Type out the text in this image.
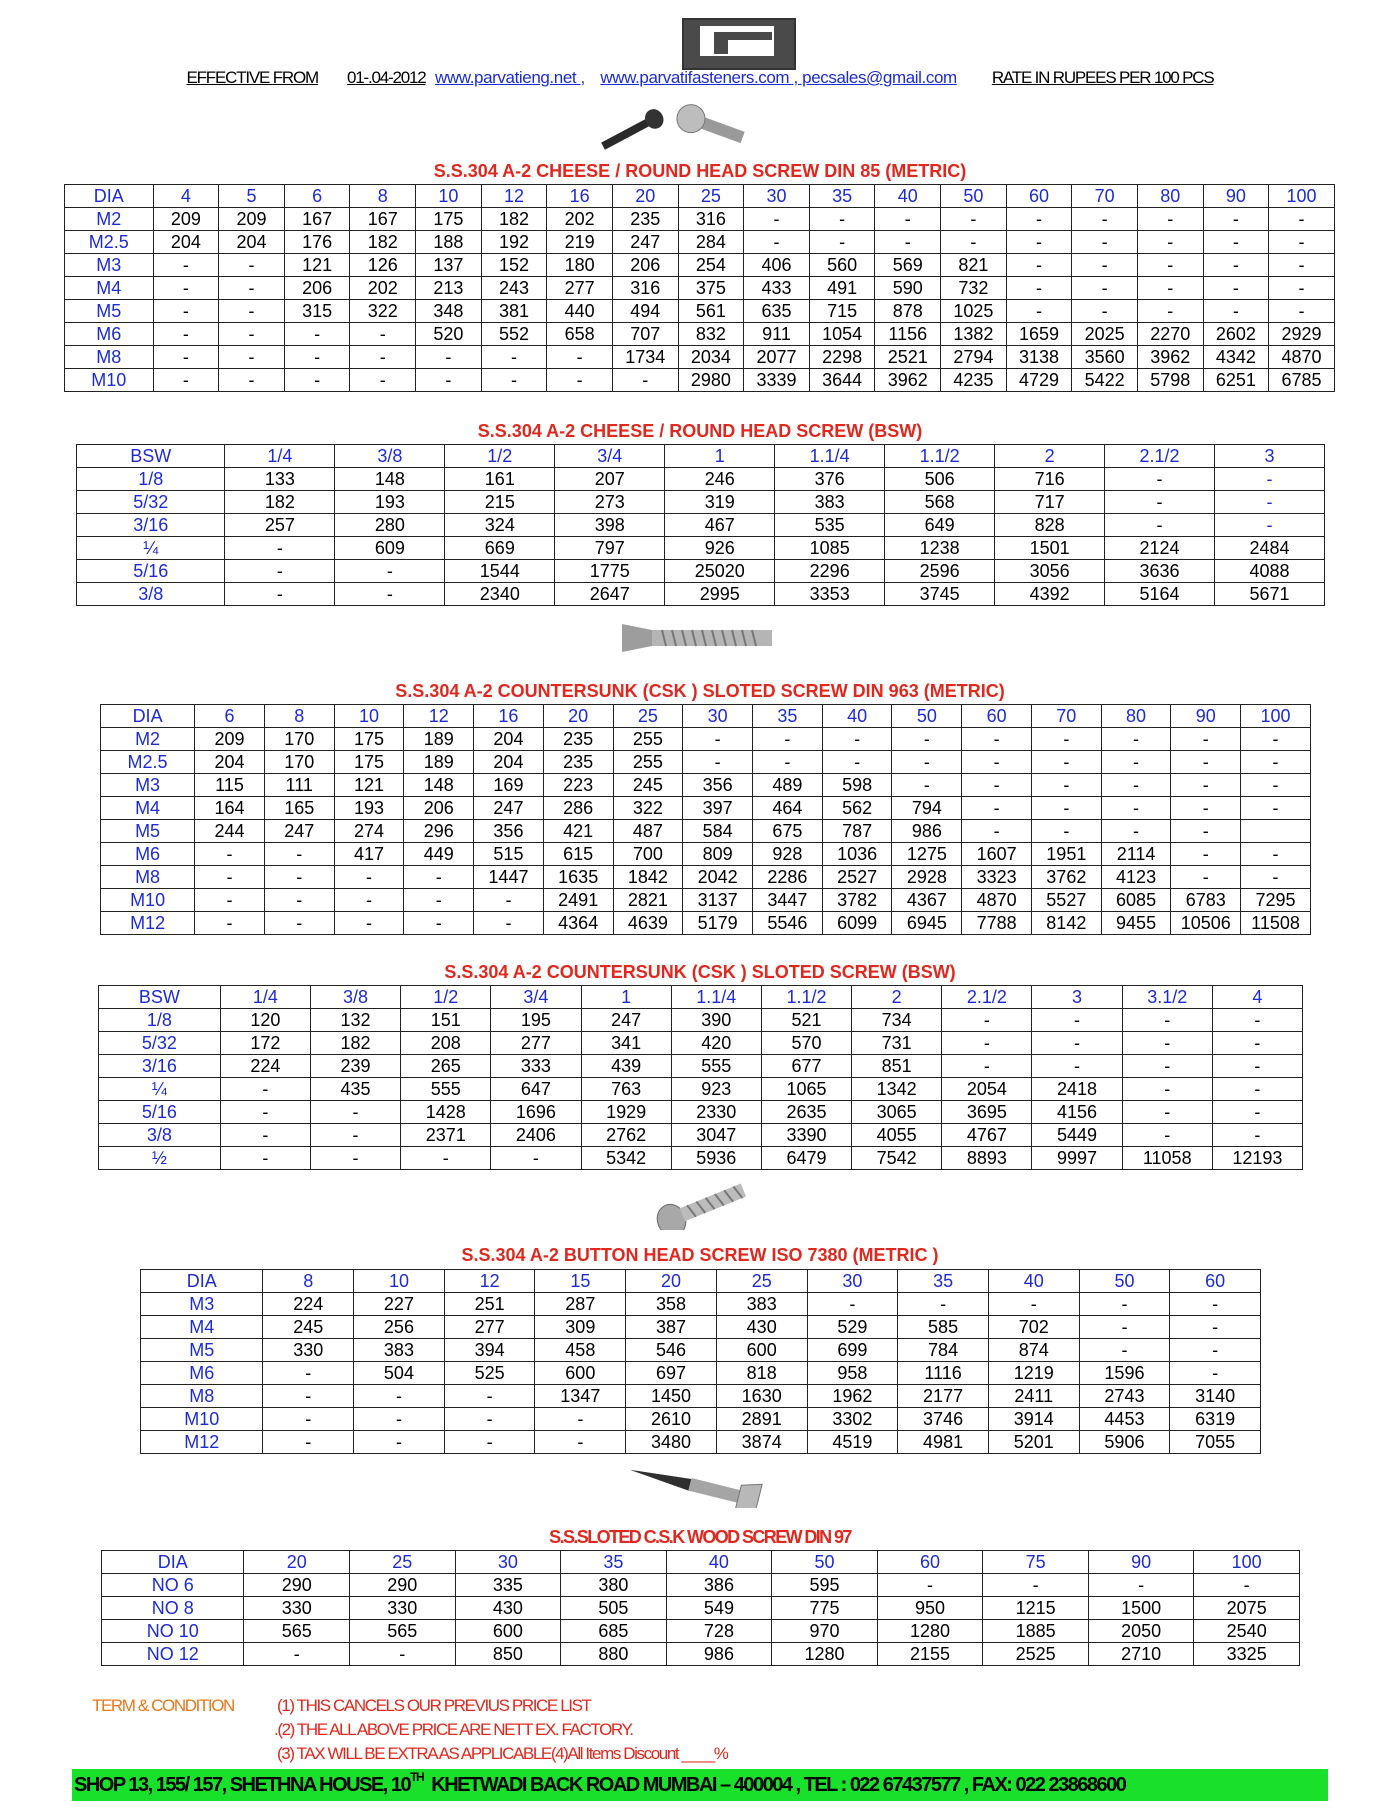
EFFECTIVE FROM 01-.04-2012 www.parvatieng.net , www.parvatifasteners.com , pecsales@gmail.com RATE IN RUPEES PER 100 PCS
S.S.304 A-2 CHEESE / ROUND HEAD SCREW DIN 85 (METRIC)
S.S.304 A-2 CHEESE / ROUND HEAD SCREW (BSW)
S.S.304 A-2 COUNTERSUNK (CSK ) SLOTED SCREW DIN 963 (METRIC)
S.S.304 A-2 COUNTERSUNK (CSK ) SLOTED SCREW (BSW)
S.S.304 A-2 BUTTON HEAD SCREW ISO 7380 (METRIC )
S.S.SLOTED C.S.K WOOD SCREW DIN 97
DIA	4	5	6	8	10	12	16	20	25	30	35	40	50	60	70	80	90	100
M2	209	209	167	167	175	182	202	235	316	-	-	-	-	-	-	-	-	-
M2.5	204	204	176	182	188	192	219	247	284	-	-	-	-	-	-	-	-	-
M3	-	-	121	126	137	152	180	206	254	406	560	569	821	-	-	-	-	-
M4	-	-	206	202	213	243	277	316	375	433	491	590	732	-	-	-	-	-
M5	-	-	315	322	348	381	440	494	561	635	715	878	1025	-	-	-	-	-
M6	-	-	-	-	520	552	658	707	832	911	1054	1156	1382	1659	2025	2270	2602	2929
M8	-	-	-	-	-	-	-	1734	2034	2077	2298	2521	2794	3138	3560	3962	4342	4870
M10	-	-	-	-	-	-	-	-	2980	3339	3644	3962	4235	4729	5422	5798	6251	6785
BSW	1/4	3/8	1/2	3/4	1	1.1/4	1.1/2	2	2.1/2	3
1/8	133	148	161	207	246	376	506	716	-	-
5/32	182	193	215	273	319	383	568	717	-	-
3/16	257	280	324	398	467	535	649	828	-	-
¼	-	609	669	797	926	1085	1238	1501	2124	2484
5/16	-	-	1544	1775	25020	2296	2596	3056	3636	4088
3/8	-	-	2340	2647	2995	3353	3745	4392	5164	5671
DIA	6	8	10	12	16	20	25	30	35	40	50	60	70	80	90	100
M2	209	170	175	189	204	235	255	-	-	-	-	-	-	-	-	-
M2.5	204	170	175	189	204	235	255	-	-	-	-	-	-	-	-	-
M3	115	111	121	148	169	223	245	356	489	598	-	-	-	-	-	-
M4	164	165	193	206	247	286	322	397	464	562	794	-	-	-	-	-
M5	244	247	274	296	356	421	487	584	675	787	986	-	-	-	-	
M6	-	-	417	449	515	615	700	809	928	1036	1275	1607	1951	2114	-	-
M8	-	-	-	-	1447	1635	1842	2042	2286	2527	2928	3323	3762	4123	-	-
M10	-	-	-	-	-	2491	2821	3137	3447	3782	4367	4870	5527	6085	6783	7295
M12	-	-	-	-	-	4364	4639	5179	5546	6099	6945	7788	8142	9455	10506	11508
BSW	1/4	3/8	1/2	3/4	1	1.1/4	1.1/2	2	2.1/2	3	3.1/2	4
1/8	120	132	151	195	247	390	521	734	-	-	-	-
5/32	172	182	208	277	341	420	570	731	-	-	-	-
3/16	224	239	265	333	439	555	677	851	-	-	-	-
¼	-	435	555	647	763	923	1065	1342	2054	2418	-	-
5/16	-	-	1428	1696	1929	2330	2635	3065	3695	4156	-	-
3/8	-	-	2371	2406	2762	3047	3390	4055	4767	5449	-	-
½	-	-	-	-	5342	5936	6479	7542	8893	9997	11058	12193
DIA	8	10	12	15	20	25	30	35	40	50	60
M3	224	227	251	287	358	383	-	-	-	-	-
M4	245	256	277	309	387	430	529	585	702	-	-
M5	330	383	394	458	546	600	699	784	874	-	-
M6	-	504	525	600	697	818	958	1116	1219	1596	-
M8	-	-	-	1347	1450	1630	1962	2177	2411	2743	3140
M10	-	-	-	-	2610	2891	3302	3746	3914	4453	6319
M12	-	-	-	-	3480	3874	4519	4981	5201	5906	7055
DIA	20	25	30	35	40	50	60	75	90	100
NO 6	290	290	335	380	386	595	-	-	-	-
NO 8	330	330	430	505	549	775	950	1215	1500	2075
NO 10	565	565	600	685	728	970	1280	1885	2050	2540
NO 12	-	-	850	880	986	1280	2155	2525	2710	3325
TERM & CONDITION	(1) THIS CANCELS OUR PREVIUS PRICE LIST
.(2) THE ALL ABOVE PRICE ARE NETT EX. FACTORY.
(3) TAX WILL BE EXTRA AS APPLICABLE(4)All Items Discount ____%
SHOP 13, 155/ 157, SHETHNA HOUSE, 10TH  KHETWADI BACK ROAD MUMBAI – 400004 , TEL : 022 67437577 , FAX: 022 23868600
